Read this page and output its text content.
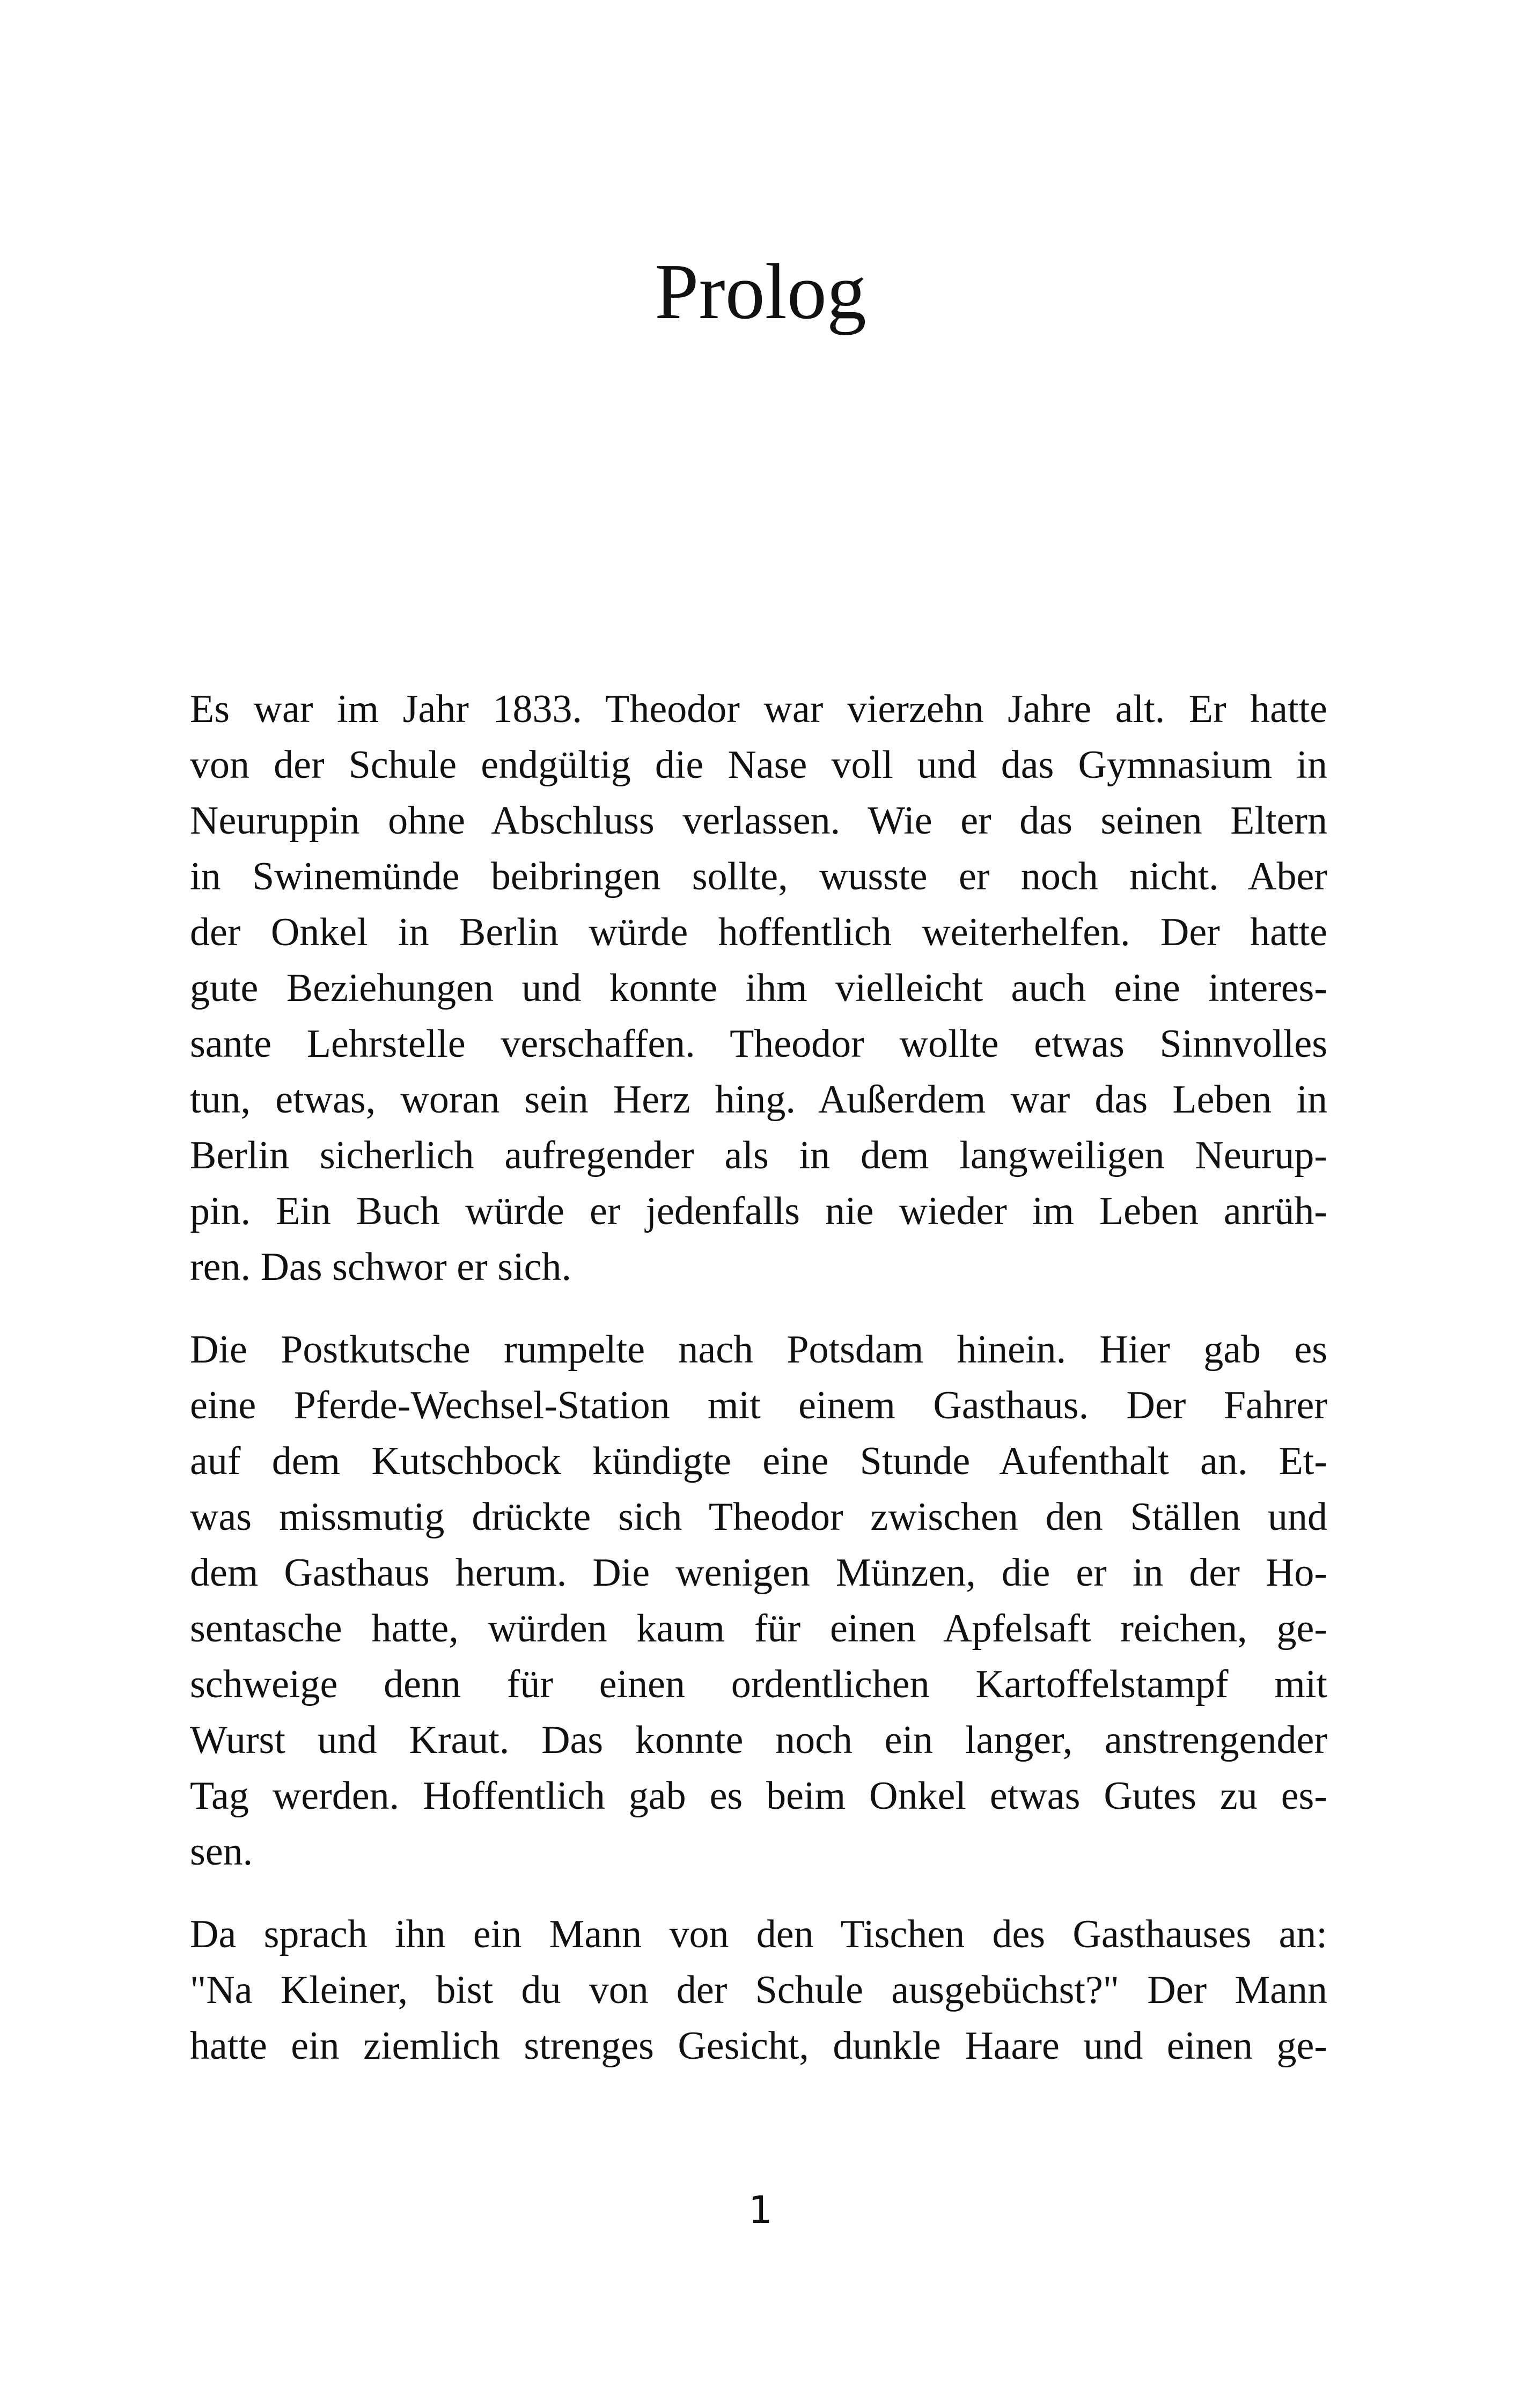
Prolog

Es war im Jahr 1833. Theodor war vierzehn Jahre alt. Er hatte
von der Schule endgültig die Nase voll und das Gymnasium in
Neuruppin ohne Abschluss verlassen. Wie er das seinen Eltern
in Swinemünde beibringen sollte, wusste er noch nicht. Aber
der Onkel in Berlin würde hoffentlich weiterhelfen. Der hatte
gute Beziehungen und konnte ihm vielleicht auch eine interes-
sante Lehrstelle verschaffen. Theodor wollte etwas Sinnvolles
tun, etwas, woran sein Herz hing. Außerdem war das Leben in
Berlin sicherlich aufregender als in dem langweiligen Neurup-
pin. Ein Buch würde er jedenfalls nie wieder im Leben anrüh-
ren. Das schwor er sich.

Die Postkutsche rumpelte nach Potsdam hinein. Hier gab es
eine Pferde-Wechsel-Station mit einem Gasthaus. Der Fahrer
auf dem Kutschbock kündigte eine Stunde Aufenthalt an. Et-
was missmutig drückte sich Theodor zwischen den Ställen und
dem Gasthaus herum. Die wenigen Münzen, die er in der Ho-
sentasche hatte, würden kaum für einen Apfelsaft reichen, ge-
schweige denn für einen ordentlichen Kartoffelstampf mit
Wurst und Kraut. Das konnte noch ein langer, anstrengender
Tag werden. Hoffentlich gab es beim Onkel etwas Gutes zu es-
sen.

Da sprach ihn ein Mann von den Tischen des Gasthauses an:
"Na Kleiner, bist du von der Schule ausgebüchst?" Der Mann
hatte ein ziemlich strenges Gesicht, dunkle Haare und einen ge-

1
